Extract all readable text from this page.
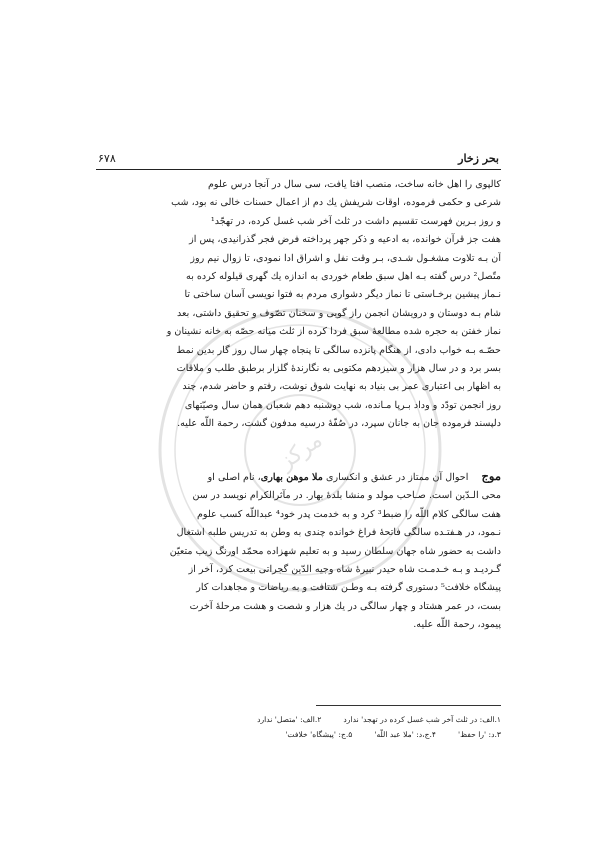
مرکز
بحر زخار
۶۷۸
کالپوی را اهل خانه ساخت، منصب افتا یافت، سی سال در آنجا درس علوم
شرعی و حکمی فرموده، اوقات شریفش یك دم از اعمال حسنات خالی نه بود، شب
و روز بـرین فهرست تقسیم داشت در ثلث آخر شب غسل کرده، در تهجّد¹
هفت جز قرآن خوانده، به ادعیه و ذکر جهر پرداخته فرض فجر گذرانیدی، پس از
آن بـه تلاوت مشغـول شـدی، بـر وقت نفل و اشراق ادا نمودی، تا زوال نیم روز
متّصل² درس گفته بـه اهل سبق طعام خوردی به اندازه یك گهری قیلوله کرده به
نـماز پیشین برخـاستی تا نماز دیگر دشواری مردم به فتوا نویسی آسان ساختی تا
شام بـه دوستان و درویشان انجمن راز گویی و سخنان تصّوف و تحقیق داشتی، بعد
نماز خفتن به حجره شده مطالعهٔ سبق فردا کرده از ثلث میانه حصّه به خانه نشینان و
حصّـه بـه خواب دادی، از هنگام پانزده سالگی تا پنجاه چهار سال روز گار بدین نمط
بسر برد و در سال هزار و سیزدهم مکتوبی به نگارندهٔ گلزار برطبق طلب و ملاقات
به اظهار بی اعتباری عمر بی بنیاد به نهایت شوق نوشت، رفتم و حاضر شدم، چند
روز انجمن تودّد و وداد بـرپا مـانده، شب دوشنبه دهم شعبان همان سال وصیّتهای
دلپسند فرموده جان به جانان سپرد، در صُفّهٔ درسیه مدفون گشت، رحمة اللّه علیه.
موج احوال آن ممتاز در عشق و انکساری ملا موهن بهاری، نام اصلی او
محی الـدّین است. صـاحب مولد و منشا بلدهٔ بهار. در مآثرالکرام نویسد در سن
هفت سالگی کلام اللّه را ضبط³ کرد و به خدمت پدر خود⁴ عبداللّه کسب علوم
نـمود، در هـفتـده سالگی فاتحهٔ فراغ خوانده چندی به وطن به تدریس طلبه اشتغال
داشت به حضور شاه جهان سلطان رسید و به تعلیم شهزاده محمّد اورنگ زیب متعیّن
گـردیـد و بـه خـدمـت شاه حیدر نبیرهٔ شاه وجیه الدّین گجراتی بیعت کرد، آخر از
پیشگاه خلافت⁵ دستوری گرفته بـه وطـن شتافت و به ریاضات و مجاهدات کار
بست، در عمر هشتاد و چهار سالگی در یك هزار و شصت و هشت مرحلهٔ آخرت
پیمود، رحمة اللّه علیه.
۱.الف: در ثلث آخر شب غسل کرده در تهجد' ندارد
۲.الف: 'متصل' ندارد
۳.د: 'را حفظ'
۴.ج،د: 'ملا عبد اللّه'
۵.ج: 'پیشگاه' خلافت'
